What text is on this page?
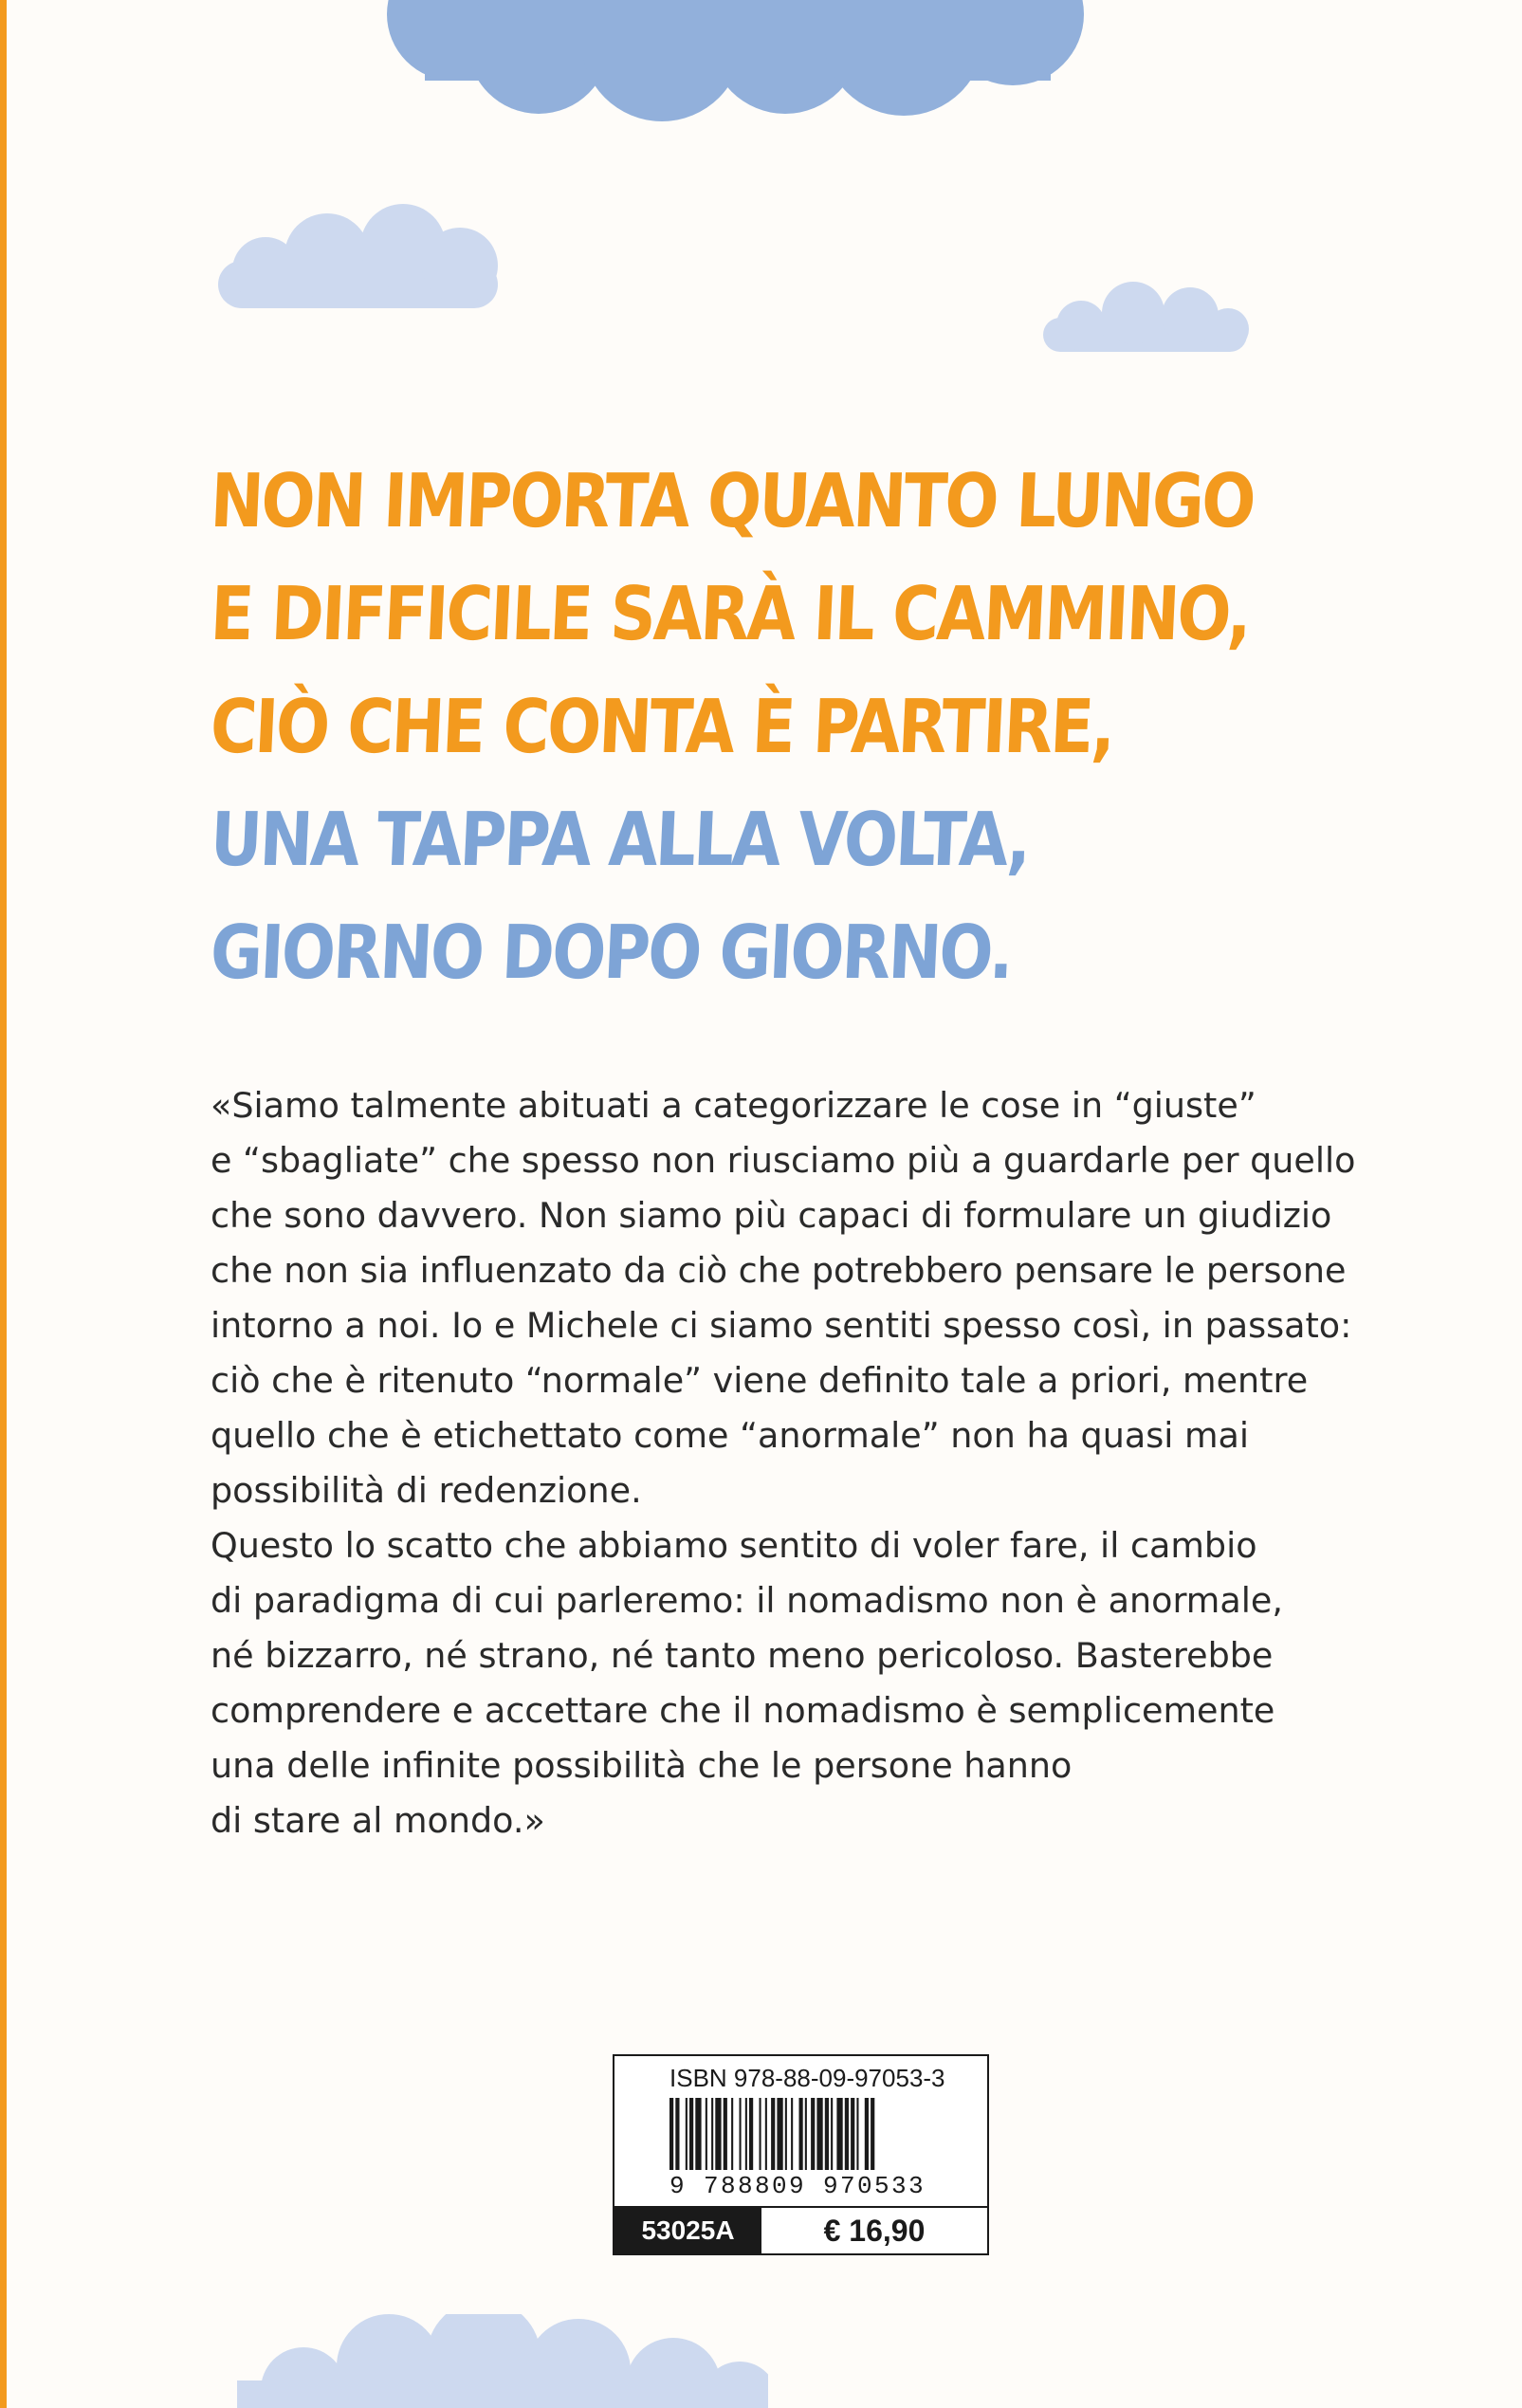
NON IMPORTA QUANTO LUNGO
E DIFFICILE SARÀ IL CAMMINO,
CIÒ CHE CONTA È PARTIRE,
UNA TAPPA ALLA VOLTA,
GIORNO DOPO GIORNO.

«Siamo talmente abituati a categorizzare le cose in “giuste”
e “sbagliate” che spesso non riusciamo più a guardarle per quello
che sono davvero. Non siamo più capaci di formulare un giudizio
che non sia influenzato da ciò che potrebbero pensare le persone
intorno a noi. Io e Michele ci siamo sentiti spesso così, in passato:
ciò che è ritenuto “normale” viene definito tale a priori, mentre
quello che è etichettato come “anormale” non ha quasi mai
possibilità di redenzione.
Questo lo scatto che abbiamo sentito di voler fare, il cambio
di paradigma di cui parleremo: il nomadismo non è anormale,
né bizzarro, né strano, né tanto meno pericoloso. Basterebbe
comprendere e accettare che il nomadismo è semplicemente
una delle infinite possibilità che le persone hanno
di stare al mondo.»

ISBN 978-88-09-97053-3
9 788809 970533
53025A	€ 16,90
